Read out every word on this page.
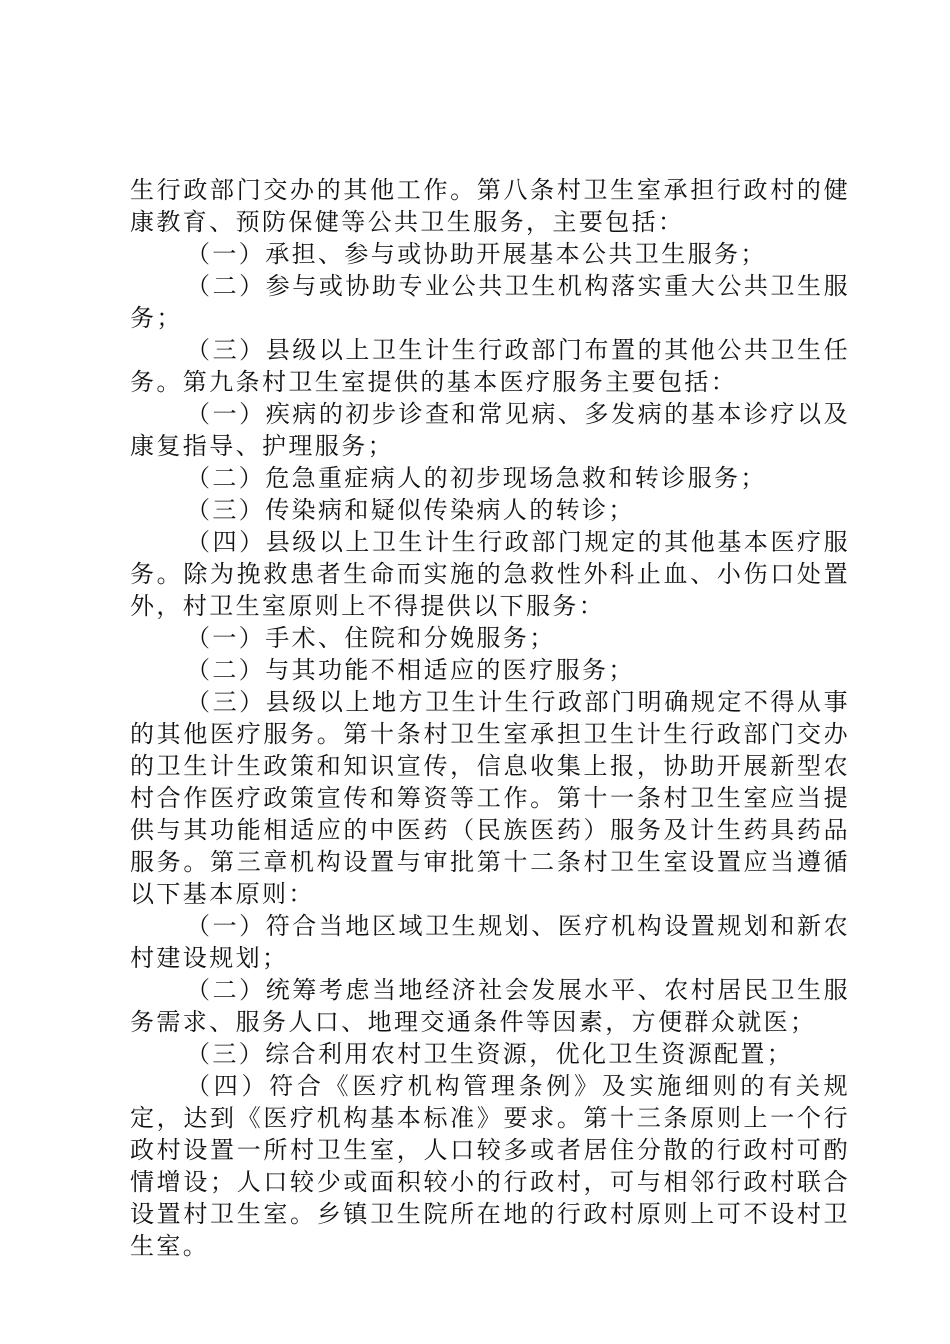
生行政部门交办的其他工作。第八条村卫生室承担行政村的健康教育、预防保健等公共卫生服务，主要包括：

（一）承担、参与或协助开展基本公共卫生服务；

（二）参与或协助专业公共卫生机构落实重大公共卫生服务；

（三）县级以上卫生计生行政部门布置的其他公共卫生任务。第九条村卫生室提供的基本医疗服务主要包括：

（一）疾病的初步诊查和常见病、多发病的基本诊疗以及康复指导、护理服务；

（二）危急重症病人的初步现场急救和转诊服务；

（三）传染病和疑似传染病人的转诊；

（四）县级以上卫生计生行政部门规定的其他基本医疗服务。除为挽救患者生命而实施的急救性外科止血、小伤口处置外，村卫生室原则上不得提供以下服务：

（一）手术、住院和分娩服务；

（二）与其功能不相适应的医疗服务；

（三）县级以上地方卫生计生行政部门明确规定不得从事的其他医疗服务。第十条村卫生室承担卫生计生行政部门交办的卫生计生政策和知识宣传，信息收集上报，协助开展新型农村合作医疗政策宣传和筹资等工作。第十一条村卫生室应当提供与其功能相适应的中医药（民族医药）服务及计生药具药品服务。第三章机构设置与审批第十二条村卫生室设置应当遵循以下基本原则：

（一）符合当地区域卫生规划、医疗机构设置规划和新农村建设规划；

（二）统筹考虑当地经济社会发展水平、农村居民卫生服务需求、服务人口、地理交通条件等因素，方便群众就医；

（三）综合利用农村卫生资源，优化卫生资源配置；

（四）符合《医疗机构管理条例》及实施细则的有关规定，达到《医疗机构基本标准》要求。第十三条原则上一个行政村设置一所村卫生室，人口较多或者居住分散的行政村可酌情增设；人口较少或面积较小的行政村，可与相邻行政村联合设置村卫生室。乡镇卫生院所在地的行政村原则上可不设村卫生室。
